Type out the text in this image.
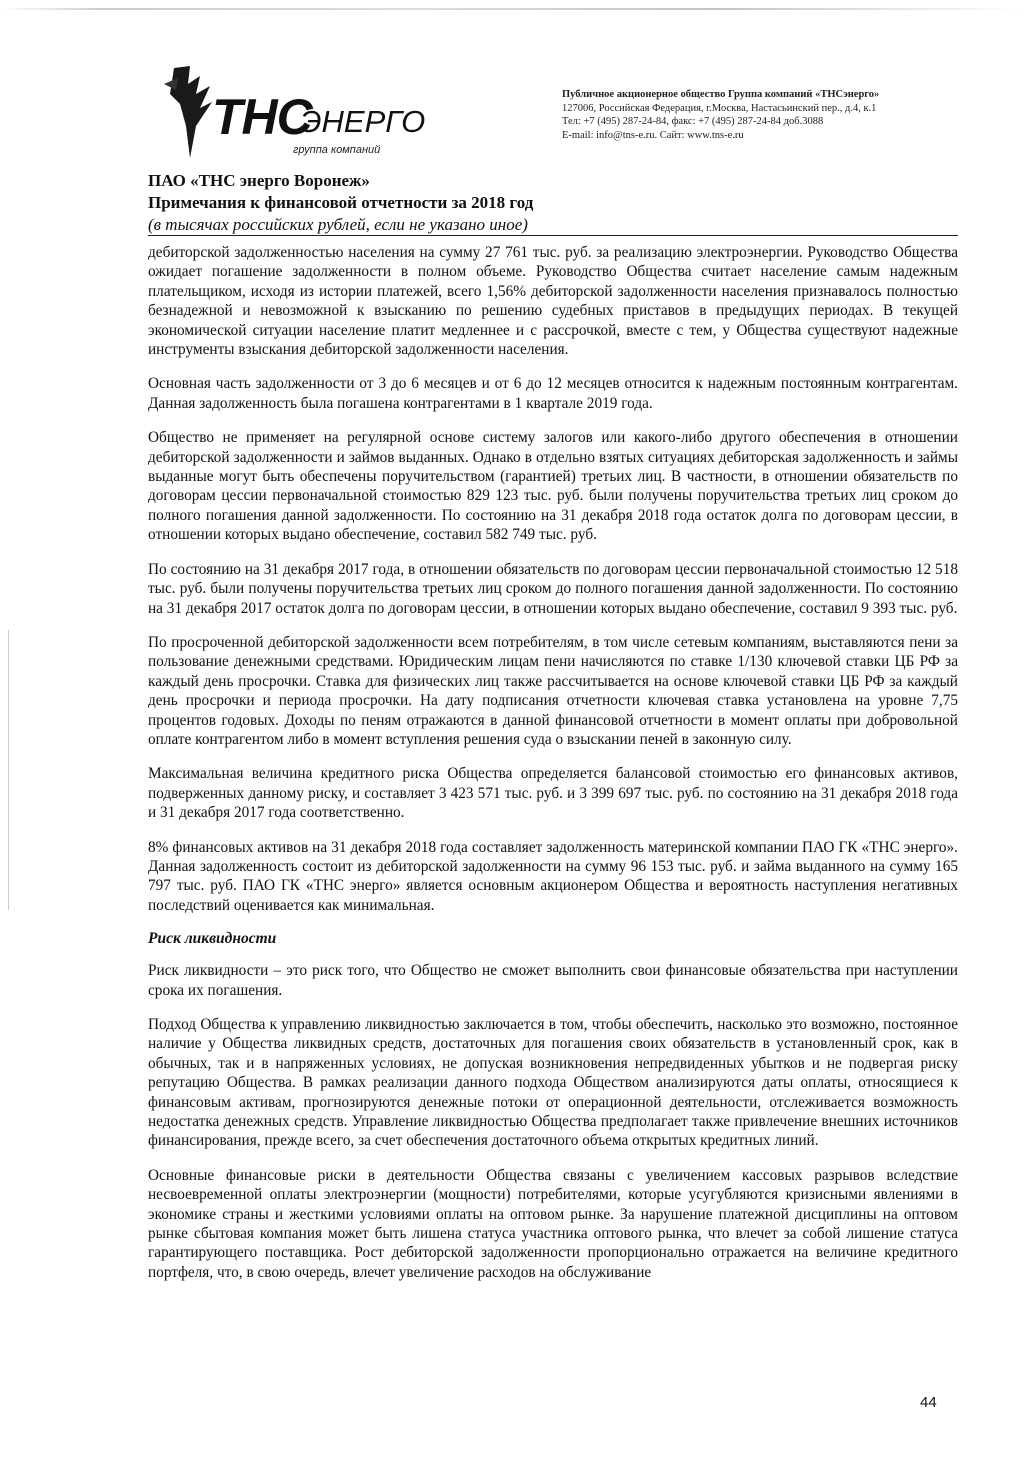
ТНС
ЭНЕРГО
группа компаний
Публичное акционерное общество Группа компаний «ТНСэнерго»
127006, Российская Федерация, г.Москва, Настасьинский пер., д.4, к.1
Тел: +7 (495) 287-24-84, факс: +7 (495) 287-24-84 доб.3088
E-mail: info@tns-e.ru. Сайт: www.tns-e.ru
ПАО «ТНС энерго Воронеж»
Примечания к финансовой отчетности за 2018 год
(в тысячах российских рублей, если не указано иное)

дебиторской задолженностью населения на сумму 27 761 тыс. руб. за реализацию электроэнергии. Руководство Общества ожидает погашение задолженности в полном объеме. Руководство Общества считает население самым надежным плательщиком, исходя из истории платежей, всего 1,56% дебиторской задолженности населения признавалось полностью безнадежной и невозможной к взысканию по решению судебных приставов в предыдущих периодах. В текущей экономической ситуации население платит медленнее и с рассрочкой, вместе с тем, у Общества существуют надежные инструменты взыскания дебиторской задолженности населения.

Основная часть задолженности от 3 до 6 месяцев и от 6 до 12 месяцев относится к надежным постоянным контрагентам. Данная задолженность была погашена контрагентами в 1 квартале 2019 года.

Общество не применяет на регулярной основе систему залогов или какого-либо другого обеспечения в отношении дебиторской задолженности и займов выданных. Однако в отдельно взятых ситуациях дебиторская задолженность и займы выданные могут быть обеспечены поручительством (гарантией) третьих лиц. В частности, в отношении обязательств по договорам цессии первоначальной стоимостью 829 123 тыс. руб. были получены поручительства третьих лиц сроком до полного погашения данной задолженности. По состоянию на 31 декабря 2018 года остаток долга по договорам цессии, в отношении которых выдано обеспечение, составил 582 749 тыс. руб.

По состоянию на 31 декабря 2017 года, в отношении обязательств по договорам цессии первоначальной стоимостью 12 518 тыс. руб. были получены поручительства третьих лиц сроком до полного погашения данной задолженности. По состоянию на 31 декабря 2017 остаток долга по договорам цессии, в отношении которых выдано обеспечение, составил 9 393 тыс. руб.

По просроченной дебиторской задолженности всем потребителям, в том числе сетевым компаниям, выставляются пени за пользование денежными средствами. Юридическим лицам пени начисляются по ставке 1/130 ключевой ставки ЦБ РФ за каждый день просрочки. Ставка для физических лиц также рассчитывается на основе ключевой ставки ЦБ РФ за каждый день просрочки и периода просрочки. На дату подписания отчетности ключевая ставка установлена на уровне 7,75 процентов годовых. Доходы по пеням отражаются в данной финансовой отчетности в момент оплаты при добровольной оплате контрагентом либо в момент вступления решения суда о взыскании пеней в законную силу.

Максимальная величина кредитного риска Общества определяется балансовой стоимостью его финансовых активов, подверженных данному риску, и составляет 3 423 571 тыс. руб. и 3 399 697 тыс. руб. по состоянию на 31 декабря 2018 года и 31 декабря 2017 года соответственно.

8% финансовых активов на 31 декабря 2018 года составляет задолженность материнской компании ПАО ГК «ТНС энерго». Данная задолженность состоит из дебиторской задолженности на сумму 96 153 тыс. руб. и займа выданного на сумму 165 797 тыс. руб. ПАО ГК «ТНС энерго» является основным акционером Общества и вероятность наступления негативных последствий оценивается как минимальная.

Риск ликвидности

Риск ликвидности – это риск того, что Общество не сможет выполнить свои финансовые обязательства при наступлении срока их погашения.

Подход Общества к управлению ликвидностью заключается в том, чтобы обеспечить, насколько это возможно, постоянное наличие у Общества ликвидных средств, достаточных для погашения своих обязательств в установленный срок, как в обычных, так и в напряженных условиях, не допуская возникновения непредвиденных убытков и не подвергая риску репутацию Общества. В рамках реализации данного подхода Обществом анализируются даты оплаты, относящиеся к финансовым активам, прогнозируются денежные потоки от операционной деятельности, отслеживается возможность недостатка денежных средств. Управление ликвидностью Общества предполагает также привлечение внешних источников финансирования, прежде всего, за счет обеспечения достаточного объема открытых кредитных линий.

Основные финансовые риски в деятельности Общества связаны с увеличением кассовых разрывов вследствие несвоевременной оплаты электроэнергии (мощности) потребителями, которые усугубляются кризисными явлениями в экономике страны и жесткими условиями оплаты на оптовом рынке. За нарушение платежной дисциплины на оптовом рынке сбытовая компания может быть лишена статуса участника оптового рынка, что влечет за собой лишение статуса гарантирующего поставщика. Рост дебиторской задолженности пропорционально отражается на величине кредитного портфеля, что, в свою очередь, влечет увеличение расходов на обслуживание

44
